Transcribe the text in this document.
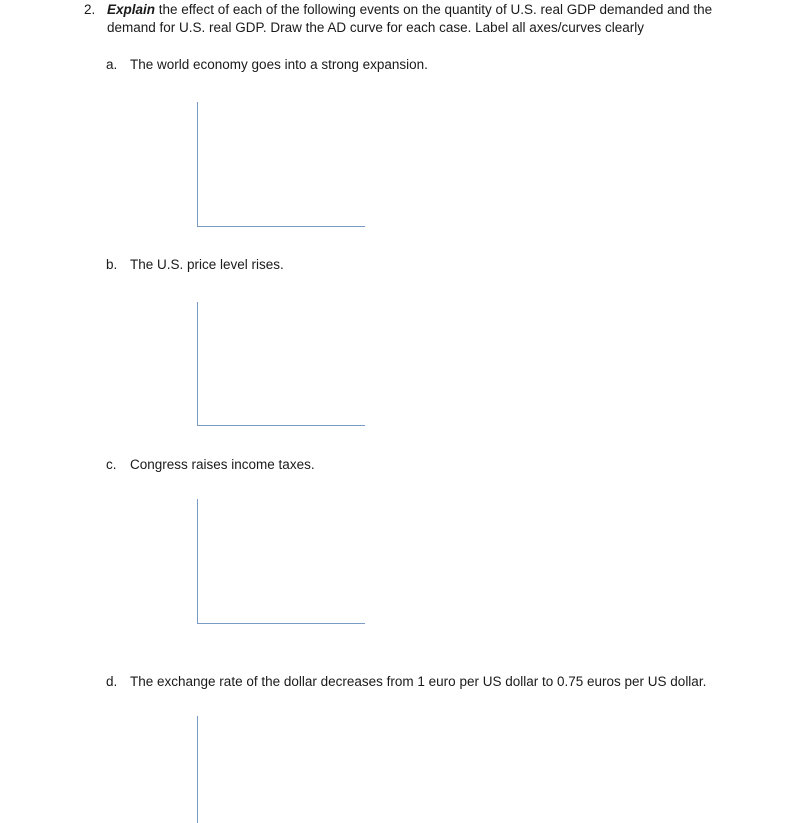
2. Explain the effect of each of the following events on the quantity of U.S. real GDP demanded and the demand for U.S. real GDP. Draw the AD curve for each case. Label all axes/curves clearly
a. The world economy goes into a strong expansion.
b. The U.S. price level rises.
c. Congress raises income taxes.
d. The exchange rate of the dollar decreases from 1 euro per US dollar to 0.75 euros per US dollar.
